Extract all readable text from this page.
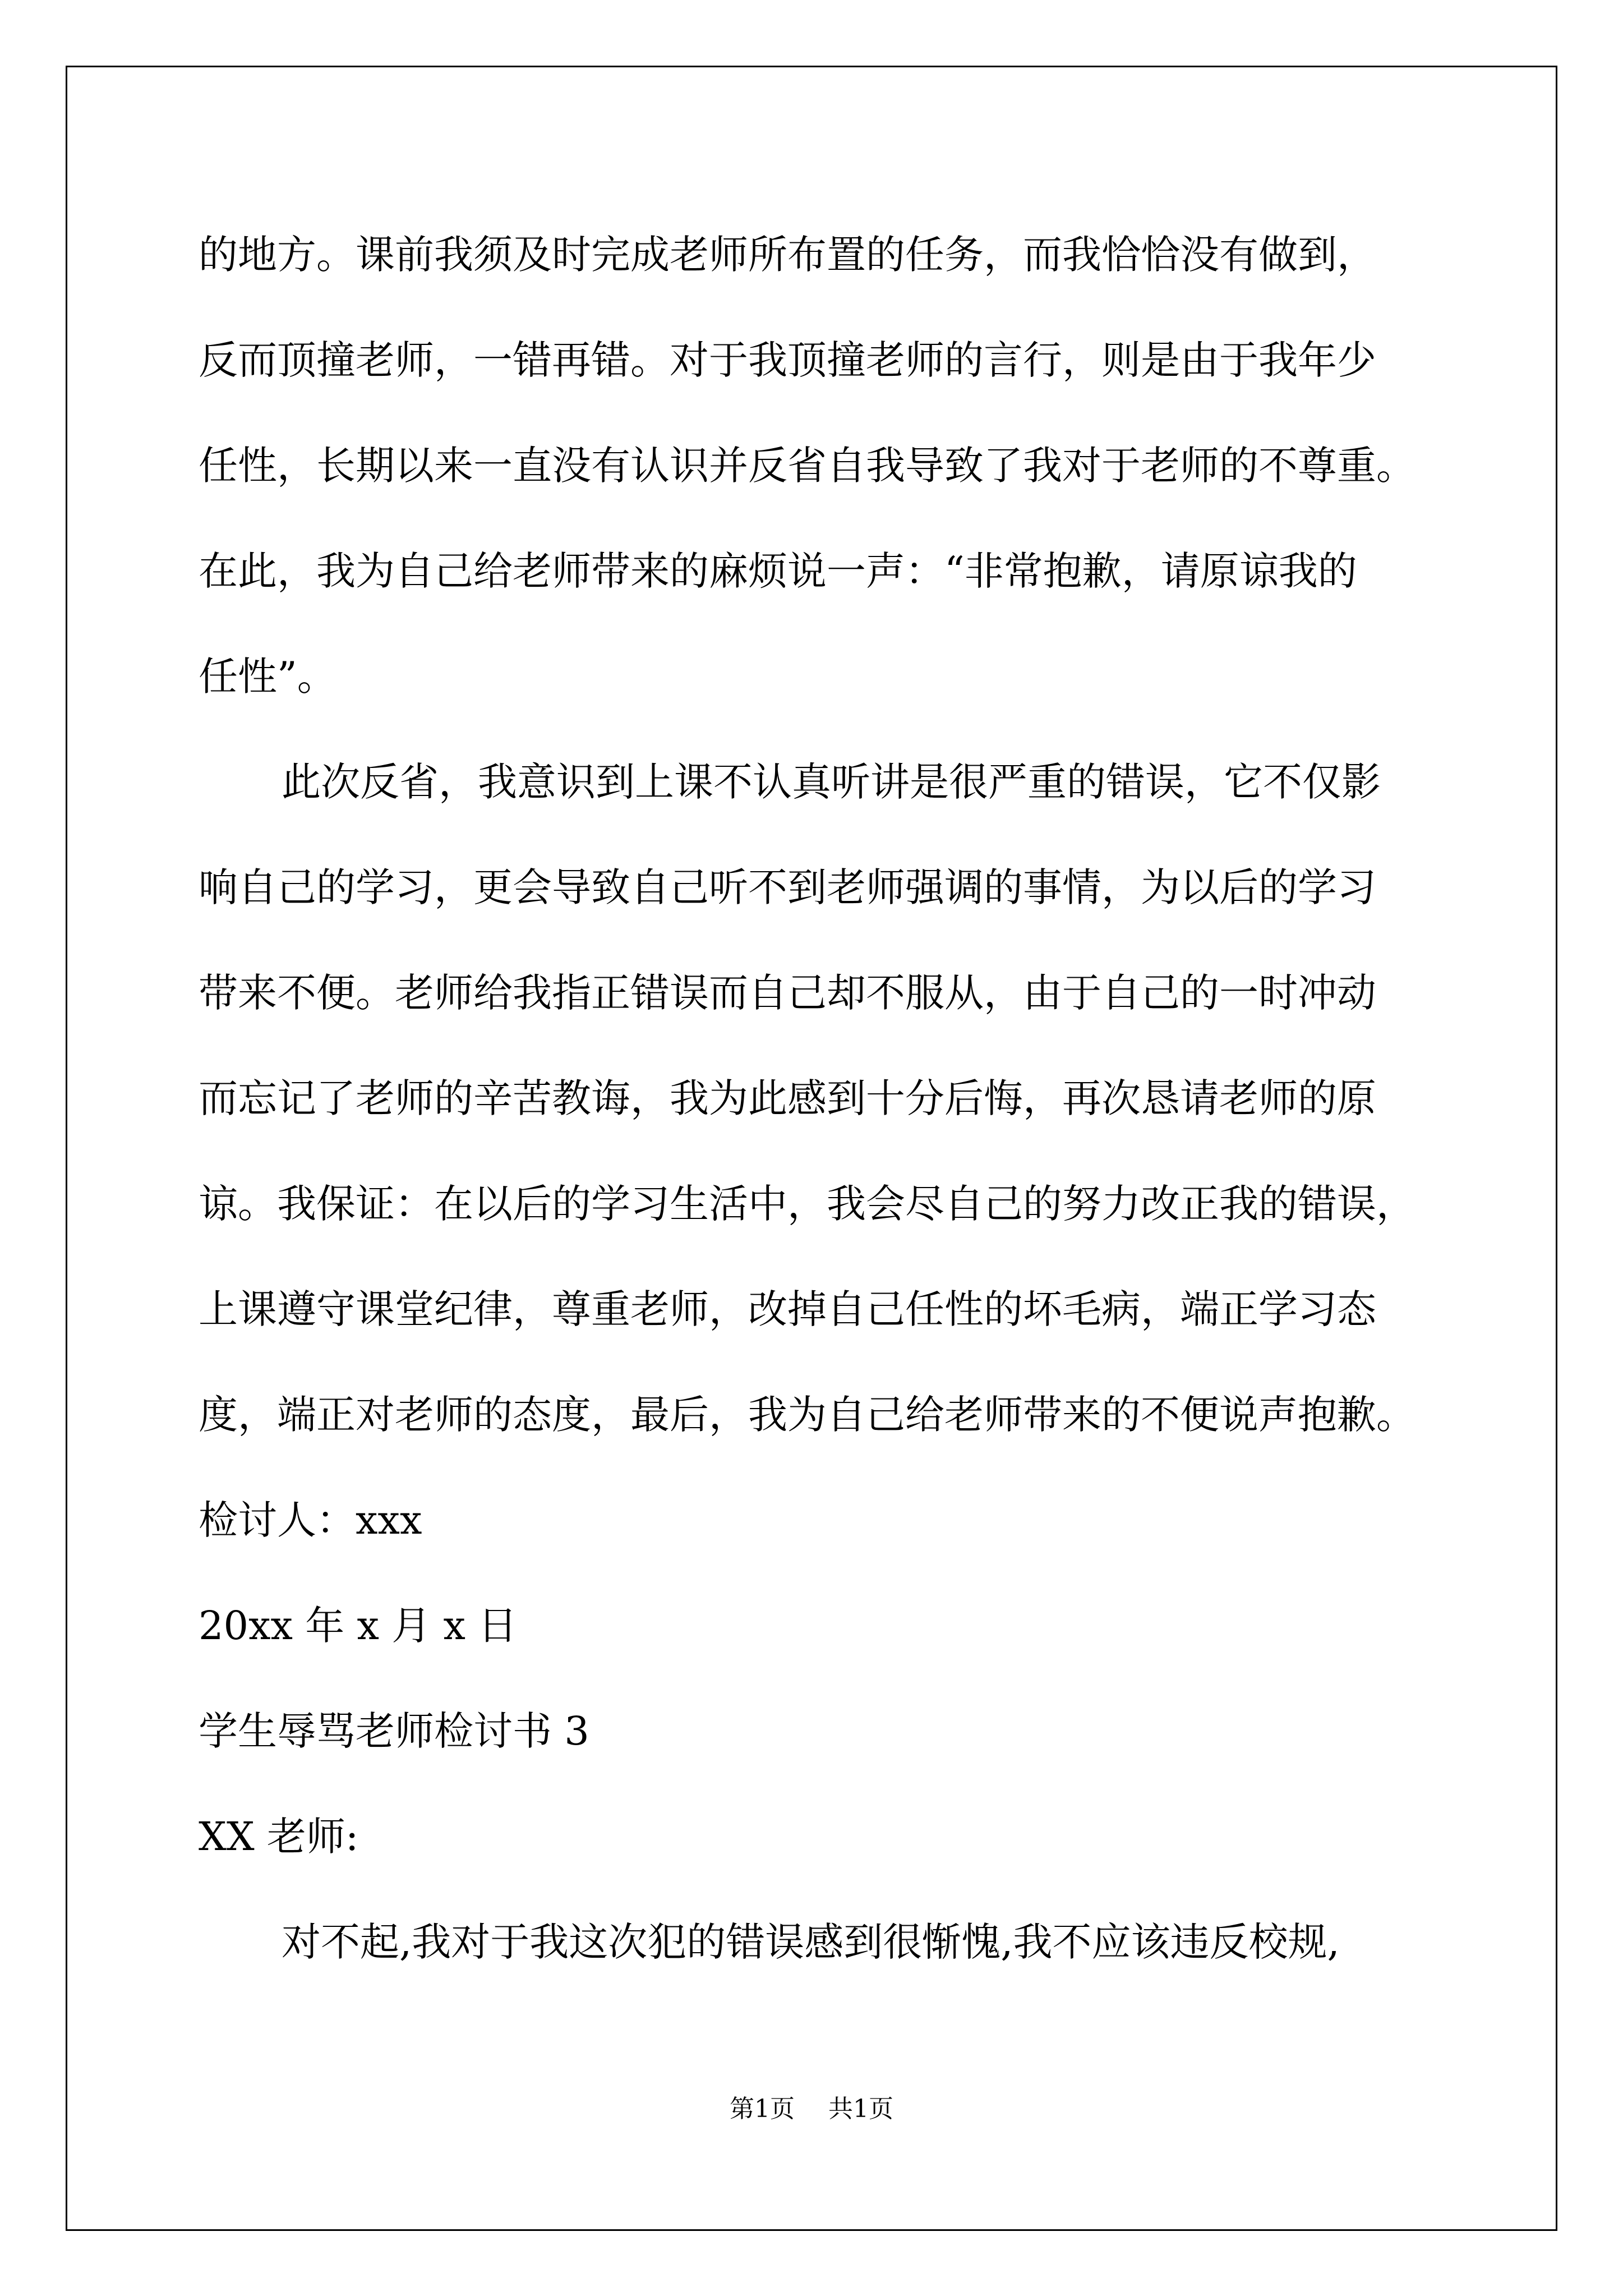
的地方。课前我须及时完成老师所布置的任务，而我恰恰没有做到，

反而顶撞老师，一错再错。对于我顶撞老师的言行，则是由于我年少

任性，长期以来一直没有认识并反省自我导致了我对于老师的不尊重。

在此，我为自己给老师带来的麻烦说一声：“非常抱歉，请原谅我的

任性”。

此次反省，我意识到上课不认真听讲是很严重的错误，它不仅影

响自己的学习，更会导致自己听不到老师强调的事情，为以后的学习

带来不便。老师给我指正错误而自己却不服从，由于自己的一时冲动

而忘记了老师的辛苦教诲，我为此感到十分后悔，再次恳请老师的原

谅。我保证：在以后的学习生活中，我会尽自己的努力改正我的错误，

上课遵守课堂纪律，尊重老师，改掉自己任性的坏毛病，端正学习态

度，端正对老师的态度，最后，我为自己给老师带来的不便说声抱歉。

检讨人：xxx

20xx 年 x 月 x 日

学生辱骂老师检讨书 3

XX 老师:

对不起,我对于我这次犯的错误感到很惭愧,我不应该违反校规,

第1页 共1页
